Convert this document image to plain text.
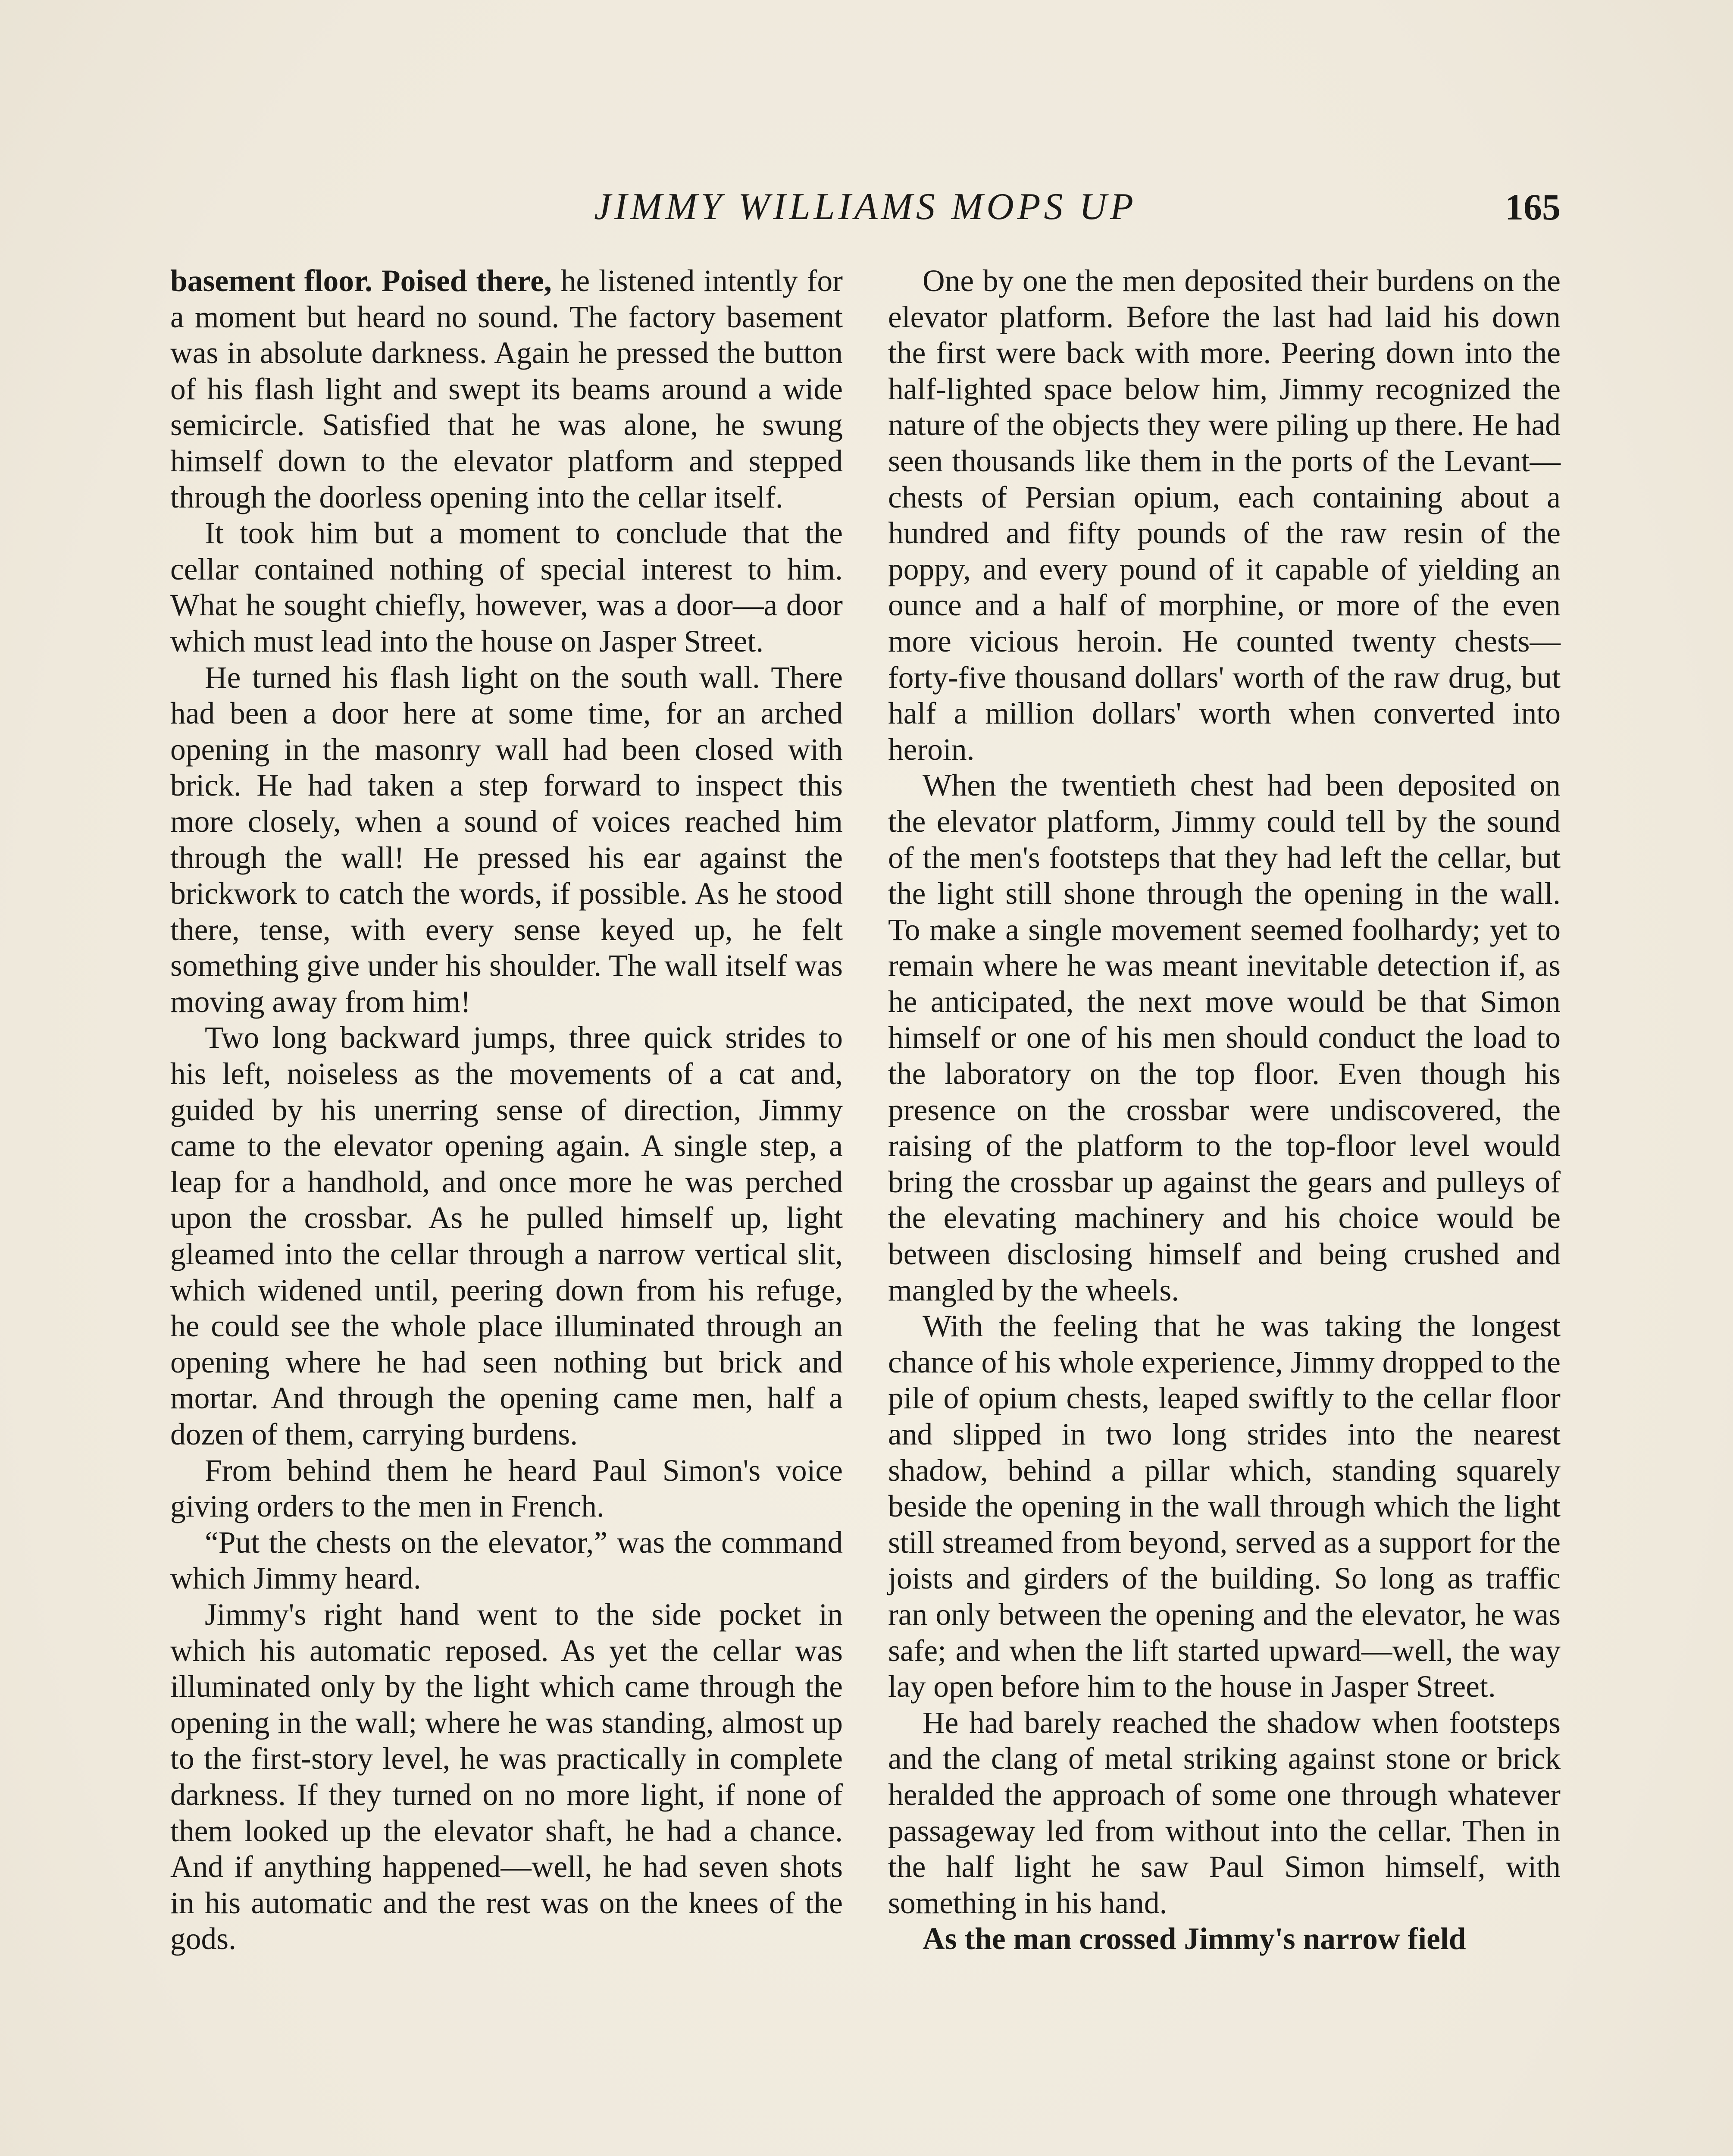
JIMMY WILLIAMS MOPS UP	165

basement floor. Poised there, he listened intently for a moment but heard no sound. The factory basement was in absolute darkness. Again he pressed the button of his flash light and swept its beams around a wide semicircle. Satisfied that he was alone, he swung himself down to the elevator platform and stepped through the doorless opening into the cellar itself.

It took him but a moment to conclude that the cellar contained nothing of special interest to him. What he sought chiefly, however, was a door—a door which must lead into the house on Jasper Street.

He turned his flash light on the south wall. There had been a door here at some time, for an arched opening in the masonry wall had been closed with brick. He had taken a step forward to inspect this more closely, when a sound of voices reached him through the wall! He pressed his ear against the brickwork to catch the words, if possible. As he stood there, tense, with every sense keyed up, he felt something give under his shoulder. The wall itself was moving away from him!

Two long backward jumps, three quick strides to his left, noiseless as the movements of a cat and, guided by his unerring sense of direction, Jimmy came to the elevator opening again. A single step, a leap for a handhold, and once more he was perched upon the crossbar. As he pulled himself up, light gleamed into the cellar through a narrow vertical slit, which widened until, peering down from his refuge, he could see the whole place illuminated through an opening where he had seen nothing but brick and mortar. And through the opening came men, half a dozen of them, carrying burdens.

From behind them he heard Paul Simon's voice giving orders to the men in French.

“Put the chests on the elevator,” was the command which Jimmy heard.

Jimmy's right hand went to the side pocket in which his automatic reposed. As yet the cellar was illuminated only by the light which came through the opening in the wall; where he was standing, almost up to the first-story level, he was practically in complete darkness. If they turned on no more light, if none of them looked up the elevator shaft, he had a chance. And if anything happened—well, he had seven shots in his automatic and the rest was on the knees of the gods.

One by one the men deposited their burdens on the elevator platform. Before the last had laid his down the first were back with more. Peering down into the half-lighted space below him, Jimmy recognized the nature of the objects they were piling up there. He had seen thousands like them in the ports of the Levant—chests of Persian opium, each containing about a hundred and fifty pounds of the raw resin of the poppy, and every pound of it capable of yielding an ounce and a half of morphine, or more of the even more vicious heroin. He counted twenty chests—forty-five thousand dollars' worth of the raw drug, but half a million dollars' worth when converted into heroin.

When the twentieth chest had been deposited on the elevator platform, Jimmy could tell by the sound of the men's footsteps that they had left the cellar, but the light still shone through the opening in the wall. To make a single movement seemed foolhardy; yet to remain where he was meant inevitable detection if, as he anticipated, the next move would be that Simon himself or one of his men should conduct the load to the laboratory on the top floor. Even though his presence on the crossbar were undiscovered, the raising of the platform to the top-floor level would bring the crossbar up against the gears and pulleys of the elevating machinery and his choice would be between disclosing himself and being crushed and mangled by the wheels.

With the feeling that he was taking the longest chance of his whole experience, Jimmy dropped to the pile of opium chests, leaped swiftly to the cellar floor and slipped in two long strides into the nearest shadow, behind a pillar which, standing squarely beside the opening in the wall through which the light still streamed from beyond, served as a support for the joists and girders of the building. So long as traffic ran only between the opening and the elevator, he was safe; and when the lift started upward—well, the way lay open before him to the house in Jasper Street.

He had barely reached the shadow when footsteps and the clang of metal striking against stone or brick heralded the approach of some one through whatever passageway led from without into the cellar. Then in the half light he saw Paul Simon himself, with something in his hand.

As the man crossed Jimmy's narrow field
